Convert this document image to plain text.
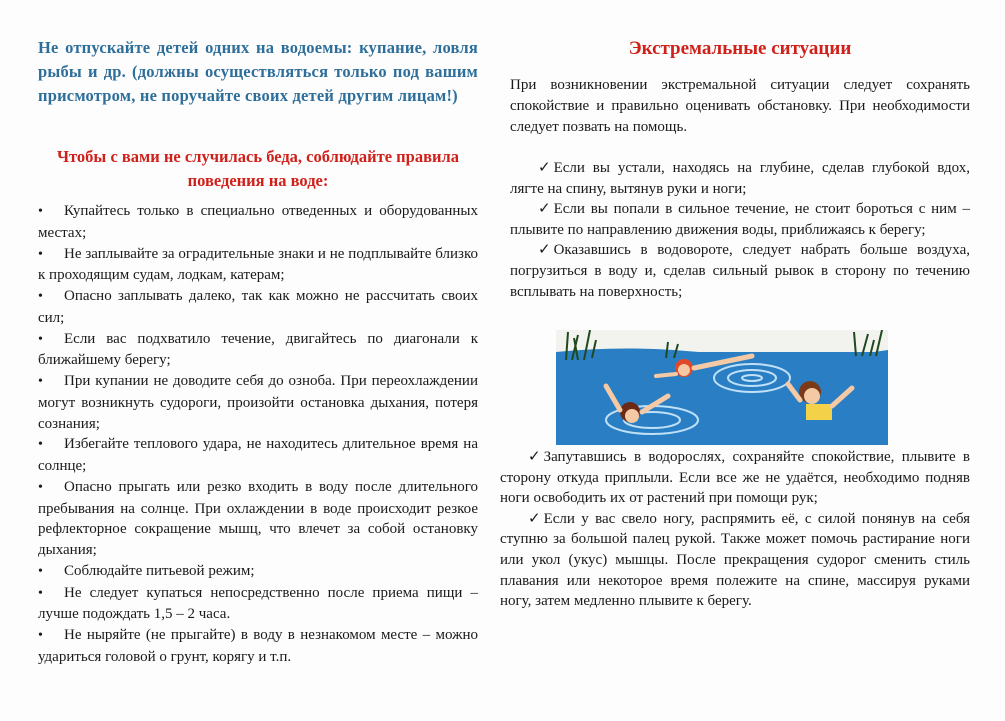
Не отпускайте детей одних на водоемы: купание, ловля рыбы и др. (должны осуществляться только под вашим присмотром, не поручайте своих детей другим лицам!)
Чтобы с вами не случилась беда, соблюдайте правила поведения на воде:

• Купайтесь только в специально отведенных и оборудованных местах;

• Не заплывайте за оградительные знаки и не подплывайте близко к проходящим судам, лодкам, катерам;

• Опасно заплывать далеко, так как можно не рассчитать своих сил;

• Если вас подхватило течение, двигайтесь по диагонали к ближайшему берегу;

• При купании не доводите себя до озноба. При переохлаждении могут возникнуть судороги, произойти остановка дыхания, потеря сознания;

• Избегайте теплового удара, не находитесь длительное время на солнце;

• Опасно прыгать или резко входить в воду после длительного пребывания на солнце. При охлаждении в воде происходит резкое рефлекторное сокращение мышц, что влечет за собой остановку дыхания;

• Соблюдайте питьевой режим;

• Не следует купаться непосредственно после приема пищи – лучше подождать 1,5 – 2 часа.

• Не ныряйте (не прыгайте) в воду в незнакомом месте – можно удариться головой о грунт, корягу и т.п.

Экстремальные ситуации
При возникновении экстремальной ситуации следует сохранять спокойствие и правильно оценивать обстановку. При необходимости следует позвать на помощь.

✓ Если вы устали, находясь на глубине, сделав глубокой вдох, лягте на спину, вытянув руки и ноги;

✓ Если вы попали в сильное течение, не стоит бороться с ним – плывите по направлению движения воды, приближаясь к берегу;

✓ Оказавшись в водовороте, следует набрать больше воздуха, погрузиться в воду и, сделав сильный рывок в сторону по течению всплывать на поверхность;

✓ Запутавшись в водорослях, сохраняйте спокойствие, плывите в сторону откуда приплыли. Если все же не удаётся, необходимо подняв ноги освободить их от растений при помощи рук;

✓ Если у вас свело ногу, распрямить её, с силой понянув на себя ступню за большой палец рукой. Также может помочь растирание ноги или укол (укус) мышцы. После прекращения судорог сменить стиль плавания или некоторое время полежите на спине, массируя руками ногу, затем медленно плывите к берегу.
